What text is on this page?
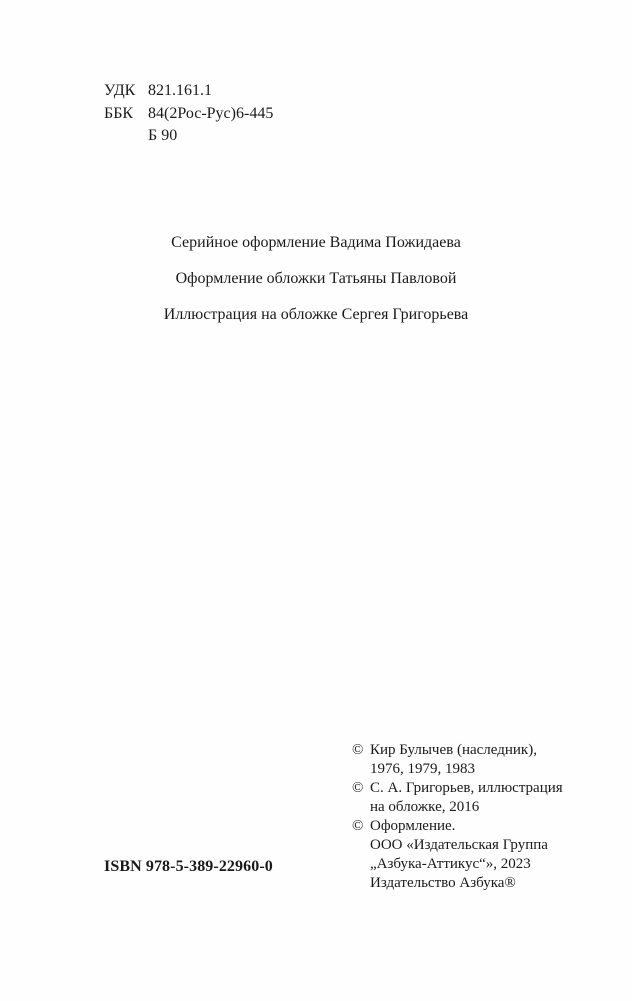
УДК 821.161.1
ББК 84(2Рос-Рус)6-445
Б 90
Серийное оформление Вадима Пожидаева
Оформление обложки Татьяны Павловой
Иллюстрация на обложке Сергея Григорьева
© Кир Булычев (наследник),
1976, 1979, 1983
© С. А. Григорьев, иллюстрация
на обложке, 2016
© Оформление.
ООО «Издательская Группа
„Азбука-Аттикус“», 2023
Издательство Азбука®
ISBN 978-5-389-22960-0
